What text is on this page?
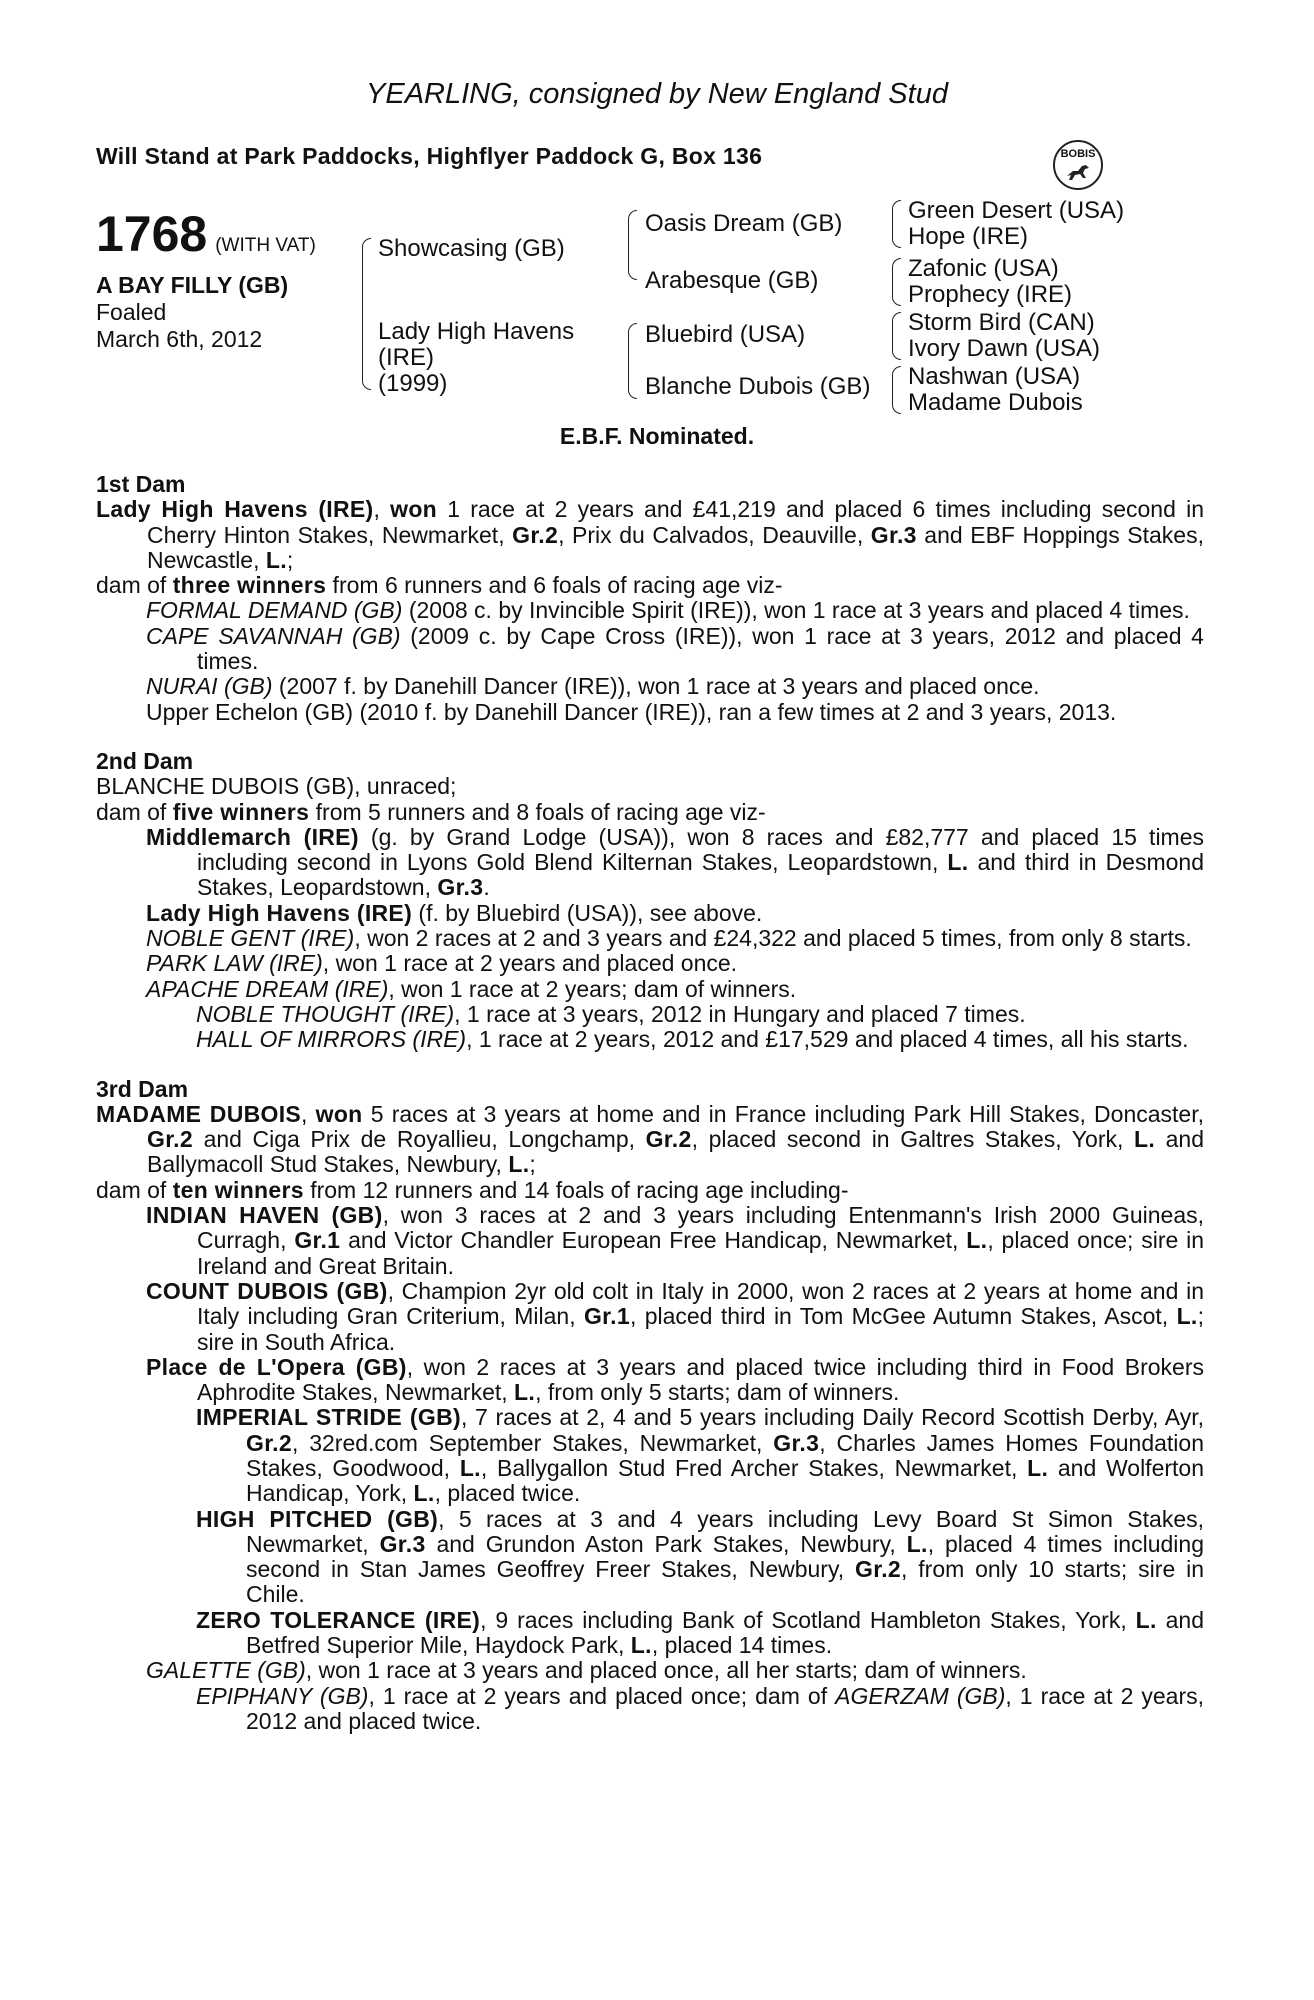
YEARLING, consigned by New England Stud
Will Stand at Park Paddocks, Highflyer Paddock G, Box 136	BOBIS
1768 (WITH VAT)
A BAY FILLY (GB)
Foaled
March 6th, 2012
Showcasing (GB)
Lady High Havens
(IRE)
(1999)
Oasis Dream (GB)
Arabesque (GB)
Bluebird (USA)
Blanche Dubois (GB)
Green Desert (USA)
Hope (IRE)
Zafonic (USA)
Prophecy (IRE)
Storm Bird (CAN)
Ivory Dawn (USA)
Nashwan (USA)
Madame Dubois
E.B.F. Nominated.

1st Dam

Lady High Havens (IRE), won 1 race at 2 years and £41,219 and placed 6 times including second in Cherry Hinton Stakes, Newmarket, Gr.2, Prix du Calvados, Deauville, Gr.3 and EBF Hoppings Stakes, Newcastle, L.;

dam of three winners from 6 runners and 6 foals of racing age viz-

FORMAL DEMAND (GB) (2008 c. by Invincible Spirit (IRE)), won 1 race at 3 years and placed 4 times.

CAPE SAVANNAH (GB) (2009 c. by Cape Cross (IRE)), won 1 race at 3 years, 2012 and placed 4 times.

NURAI (GB) (2007 f. by Danehill Dancer (IRE)), won 1 race at 3 years and placed once.

Upper Echelon (GB) (2010 f. by Danehill Dancer (IRE)), ran a few times at 2 and 3 years, 2013.

2nd Dam

BLANCHE DUBOIS (GB), unraced;

dam of five winners from 5 runners and 8 foals of racing age viz-

Middlemarch (IRE) (g. by Grand Lodge (USA)), won 8 races and £82,777 and placed 15 times including second in Lyons Gold Blend Kilternan Stakes, Leopardstown, L. and third in Desmond Stakes, Leopardstown, Gr.3.

Lady High Havens (IRE) (f. by Bluebird (USA)), see above.

NOBLE GENT (IRE), won 2 races at 2 and 3 years and £24,322 and placed 5 times, from only 8 starts.

PARK LAW (IRE), won 1 race at 2 years and placed once.

APACHE DREAM (IRE), won 1 race at 2 years; dam of winners.

NOBLE THOUGHT (IRE), 1 race at 3 years, 2012 in Hungary and placed 7 times.

HALL OF MIRRORS (IRE), 1 race at 2 years, 2012 and £17,529 and placed 4 times, all his starts.

3rd Dam

MADAME DUBOIS, won 5 races at 3 years at home and in France including Park Hill Stakes, Doncaster, Gr.2 and Ciga Prix de Royallieu, Longchamp, Gr.2, placed second in Galtres Stakes, York, L. and Ballymacoll Stud Stakes, Newbury, L.;

dam of ten winners from 12 runners and 14 foals of racing age including-

INDIAN HAVEN (GB), won 3 races at 2 and 3 years including Entenmann's Irish 2000 Guineas, Curragh, Gr.1 and Victor Chandler European Free Handicap, Newmarket, L., placed once; sire in Ireland and Great Britain.

COUNT DUBOIS (GB), Champion 2yr old colt in Italy in 2000, won 2 races at 2 years at home and in Italy including Gran Criterium, Milan, Gr.1, placed third in Tom McGee Autumn Stakes, Ascot, L.; sire in South Africa.

Place de L'Opera (GB), won 2 races at 3 years and placed twice including third in Food Brokers Aphrodite Stakes, Newmarket, L., from only 5 starts; dam of winners.

IMPERIAL STRIDE (GB), 7 races at 2, 4 and 5 years including Daily Record Scottish Derby, Ayr, Gr.2, 32red.com September Stakes, Newmarket, Gr.3, Charles James Homes Foundation Stakes, Goodwood, L., Ballygallon Stud Fred Archer Stakes, Newmarket, L. and Wolferton Handicap, York, L., placed twice.

HIGH PITCHED (GB), 5 races at 3 and 4 years including Levy Board St Simon Stakes, Newmarket, Gr.3 and Grundon Aston Park Stakes, Newbury, L., placed 4 times including second in Stan James Geoffrey Freer Stakes, Newbury, Gr.2, from only 10 starts; sire in Chile.

ZERO TOLERANCE (IRE), 9 races including Bank of Scotland Hambleton Stakes, York, L. and Betfred Superior Mile, Haydock Park, L., placed 14 times.

GALETTE (GB), won 1 race at 3 years and placed once, all her starts; dam of winners.

EPIPHANY (GB), 1 race at 2 years and placed once; dam of AGERZAM (GB), 1 race at 2 years, 2012 and placed twice.
